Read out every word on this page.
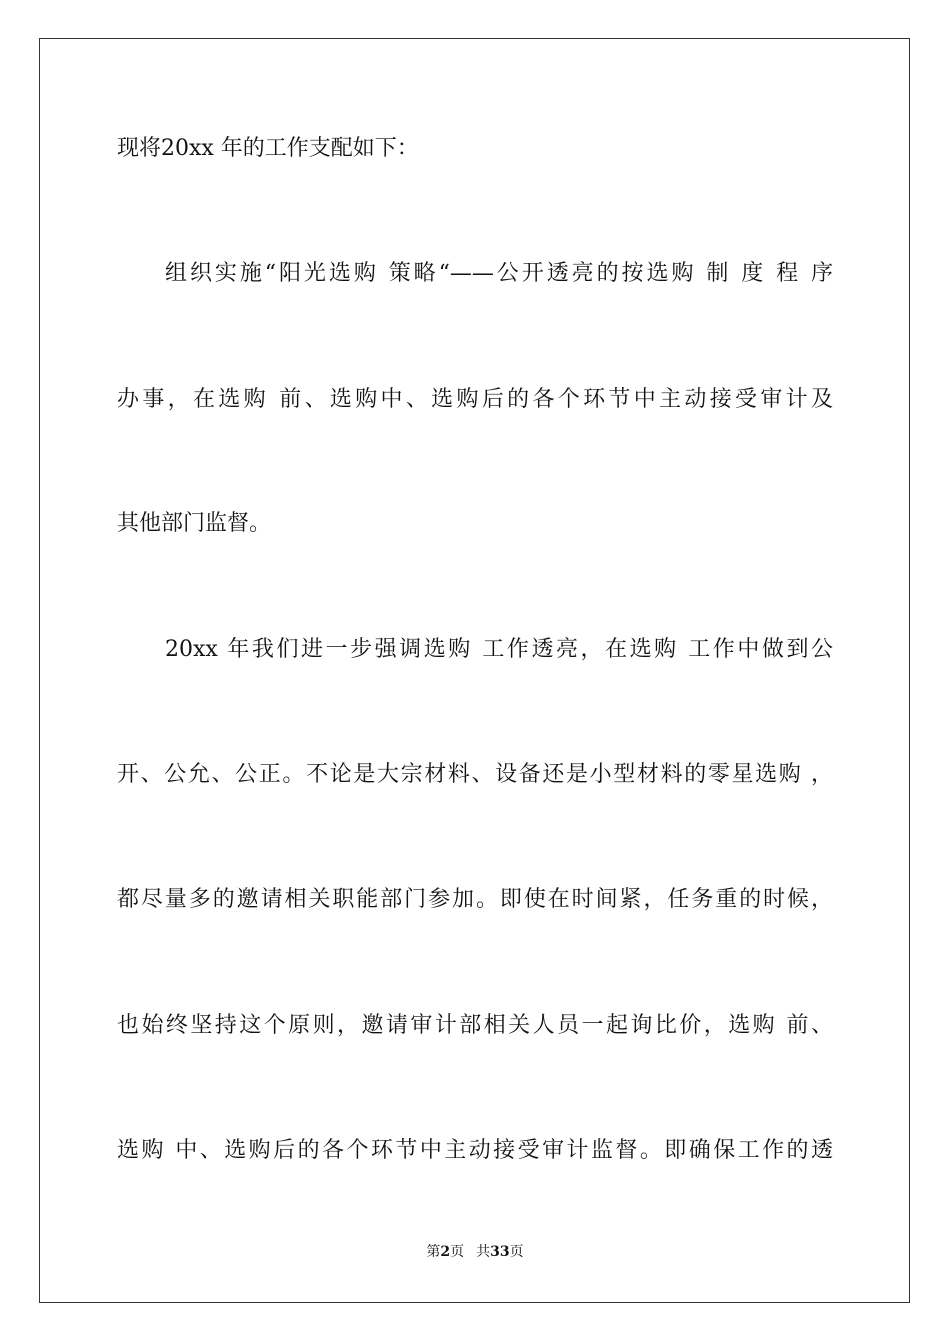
现将20xx 年的工作支配如下：
组织实施“阳光选购 策略“——公开透亮的按选购 制 度 程 序
办事，在选购 前、选购中、选购后的各个环节中主动接受审计及
其他部门监督。
20xx 年我们进一步强调选购 工作透亮，在选购 工作中做到公
开、公允、公正。不论是大宗材料、设备还是小型材料的零星选购 ，
都尽量多的邀请相关职能部门参加。即使在时间紧，任务重的时候，
也始终坚持这个原则，邀请审计部相关人员一起询比价，选购 前、
选购 中、选购后的各个环节中主动接受审计监督。即确保工作的透
第2页 共33页
